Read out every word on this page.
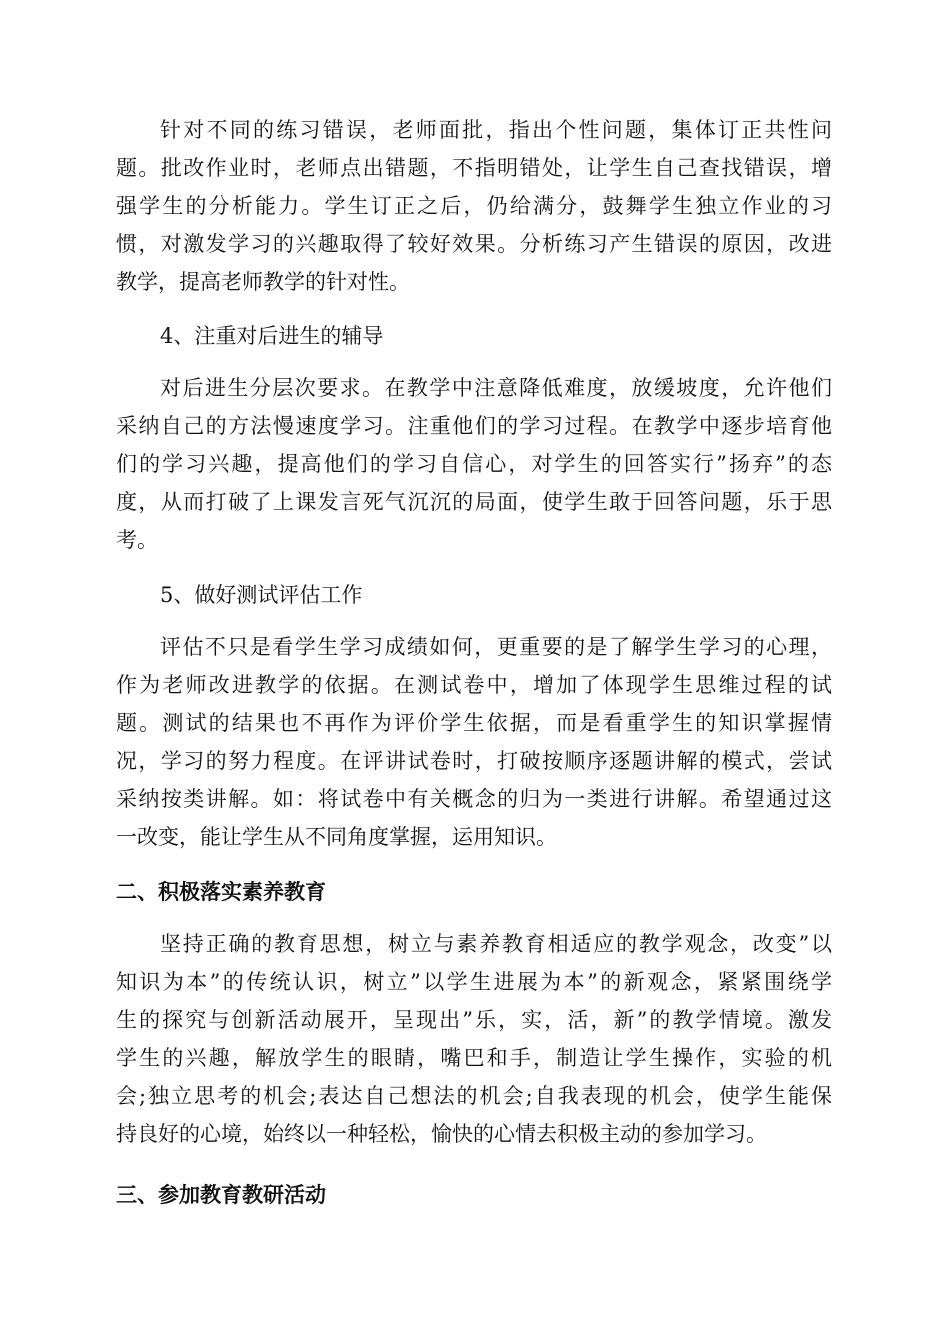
针对不同的练习错误，老师面批，指出个性问题，集体订正共性问
题。批改作业时，老师点出错题，不指明错处，让学生自己查找错误，增
强学生的分析能力。学生订正之后，仍给满分，鼓舞学生独立作业的习
惯，对激发学习的兴趣取得了较好效果。分析练习产生错误的原因，改进
教学，提高老师教学的针对性。
4、注重对后进生的辅导
对后进生分层次要求。在教学中注意降低难度，放缓坡度，允许他们
采纳自己的方法慢速度学习。注重他们的学习过程。在教学中逐步培育他
们的学习兴趣，提高他们的学习自信心，对学生的回答实行”扬弃”的态
度，从而打破了上课发言死气沉沉的局面，使学生敢于回答问题，乐于思
考。
5、做好测试评估工作
评估不只是看学生学习成绩如何，更重要的是了解学生学习的心理，
作为老师改进教学的依据。在测试卷中，增加了体现学生思维过程的试
题。测试的结果也不再作为评价学生依据，而是看重学生的知识掌握情
况，学习的努力程度。在评讲试卷时，打破按顺序逐题讲解的模式，尝试
采纳按类讲解。如：将试卷中有关概念的归为一类进行讲解。希望通过这
一改变，能让学生从不同角度掌握，运用知识。
二、积极落实素养教育
坚持正确的教育思想，树立与素养教育相适应的教学观念，改变”以
知识为本”的传统认识，树立”以学生进展为本”的新观念，紧紧围绕学
生的探究与创新活动展开，呈现出”乐，实，活，新”的教学情境。激发
学生的兴趣，解放学生的眼睛，嘴巴和手，制造让学生操作，实验的机
会;独立思考的机会;表达自己想法的机会;自我表现的机会，使学生能保
持良好的心境，始终以一种轻松，愉快的心情去积极主动的参加学习。
三、参加教育教研活动
